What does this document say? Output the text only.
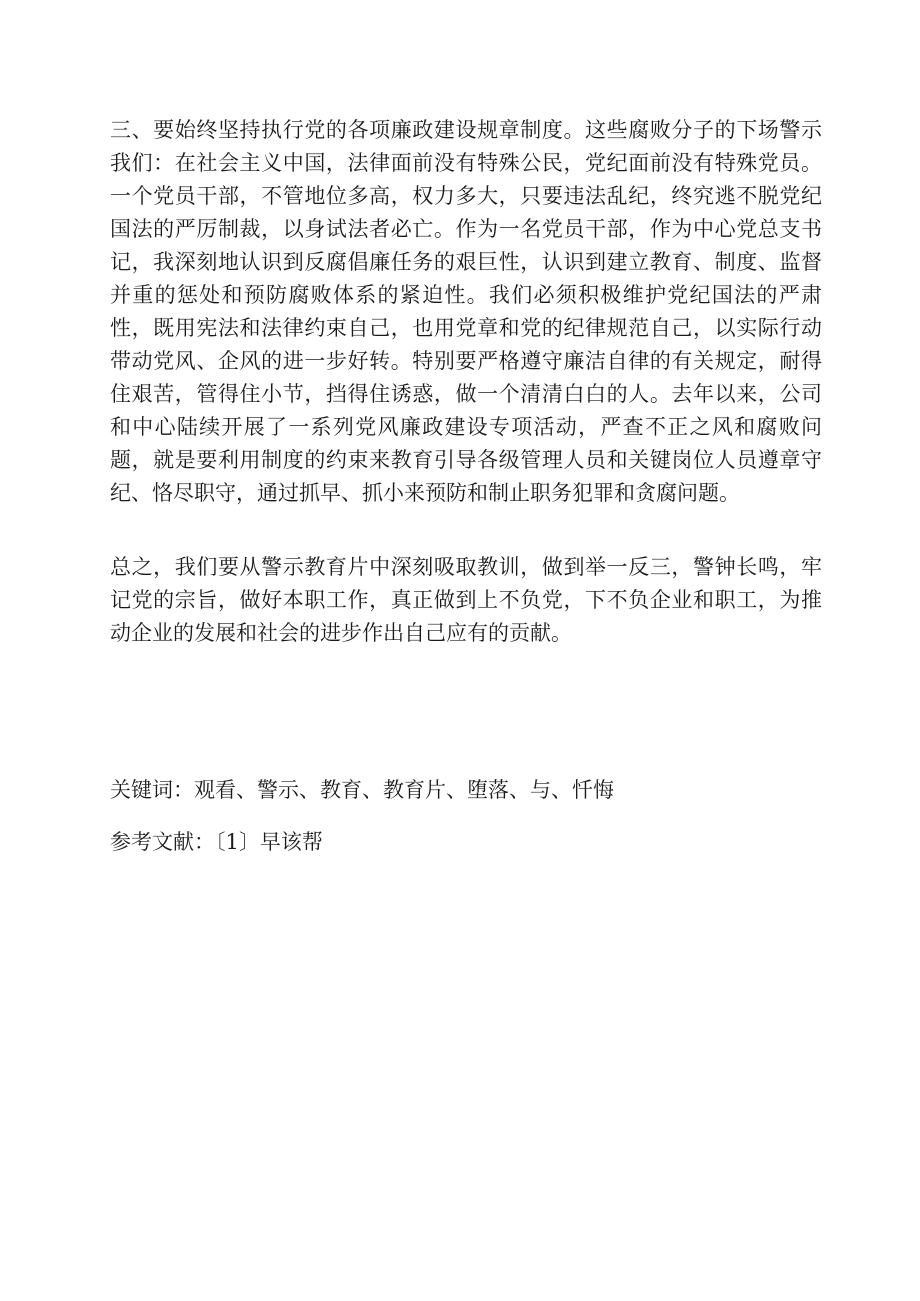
三、要始终坚持执行党的各项廉政建设规章制度。这些腐败分子的下场警示我们：在社会主义中国，法律面前没有特殊公民，党纪面前没有特殊党员。一个党员干部，不管地位多高，权力多大，只要违法乱纪，终究逃不脱党纪国法的严厉制裁，以身试法者必亡。作为一名党员干部，作为中心党总支书记，我深刻地认识到反腐倡廉任务的艰巨性，认识到建立教育、制度、监督并重的惩处和预防腐败体系的紧迫性。我们必须积极维护党纪国法的严肃性，既用宪法和法律约束自己，也用党章和党的纪律规范自己，以实际行动带动党风、企风的进一步好转。特别要严格遵守廉洁自律的有关规定，耐得住艰苦，管得住小节，挡得住诱惑，做一个清清白白的人。去年以来，公司和中心陆续开展了一系列党风廉政建设专项活动，严查不正之风和腐败问题，就是要利用制度的约束来教育引导各级管理人员和关键岗位人员遵章守纪、恪尽职守，通过抓早、抓小来预防和制止职务犯罪和贪腐问题。

总之，我们要从警示教育片中深刻吸取教训，做到举一反三，警钟长鸣，牢记党的宗旨，做好本职工作，真正做到上不负党，下不负企业和职工，为推动企业的发展和社会的进步作出自己应有的贡献。

关键词：观看、警示、教育、教育片、堕落、与、忏悔

参考文献：〔1〕早该帮
